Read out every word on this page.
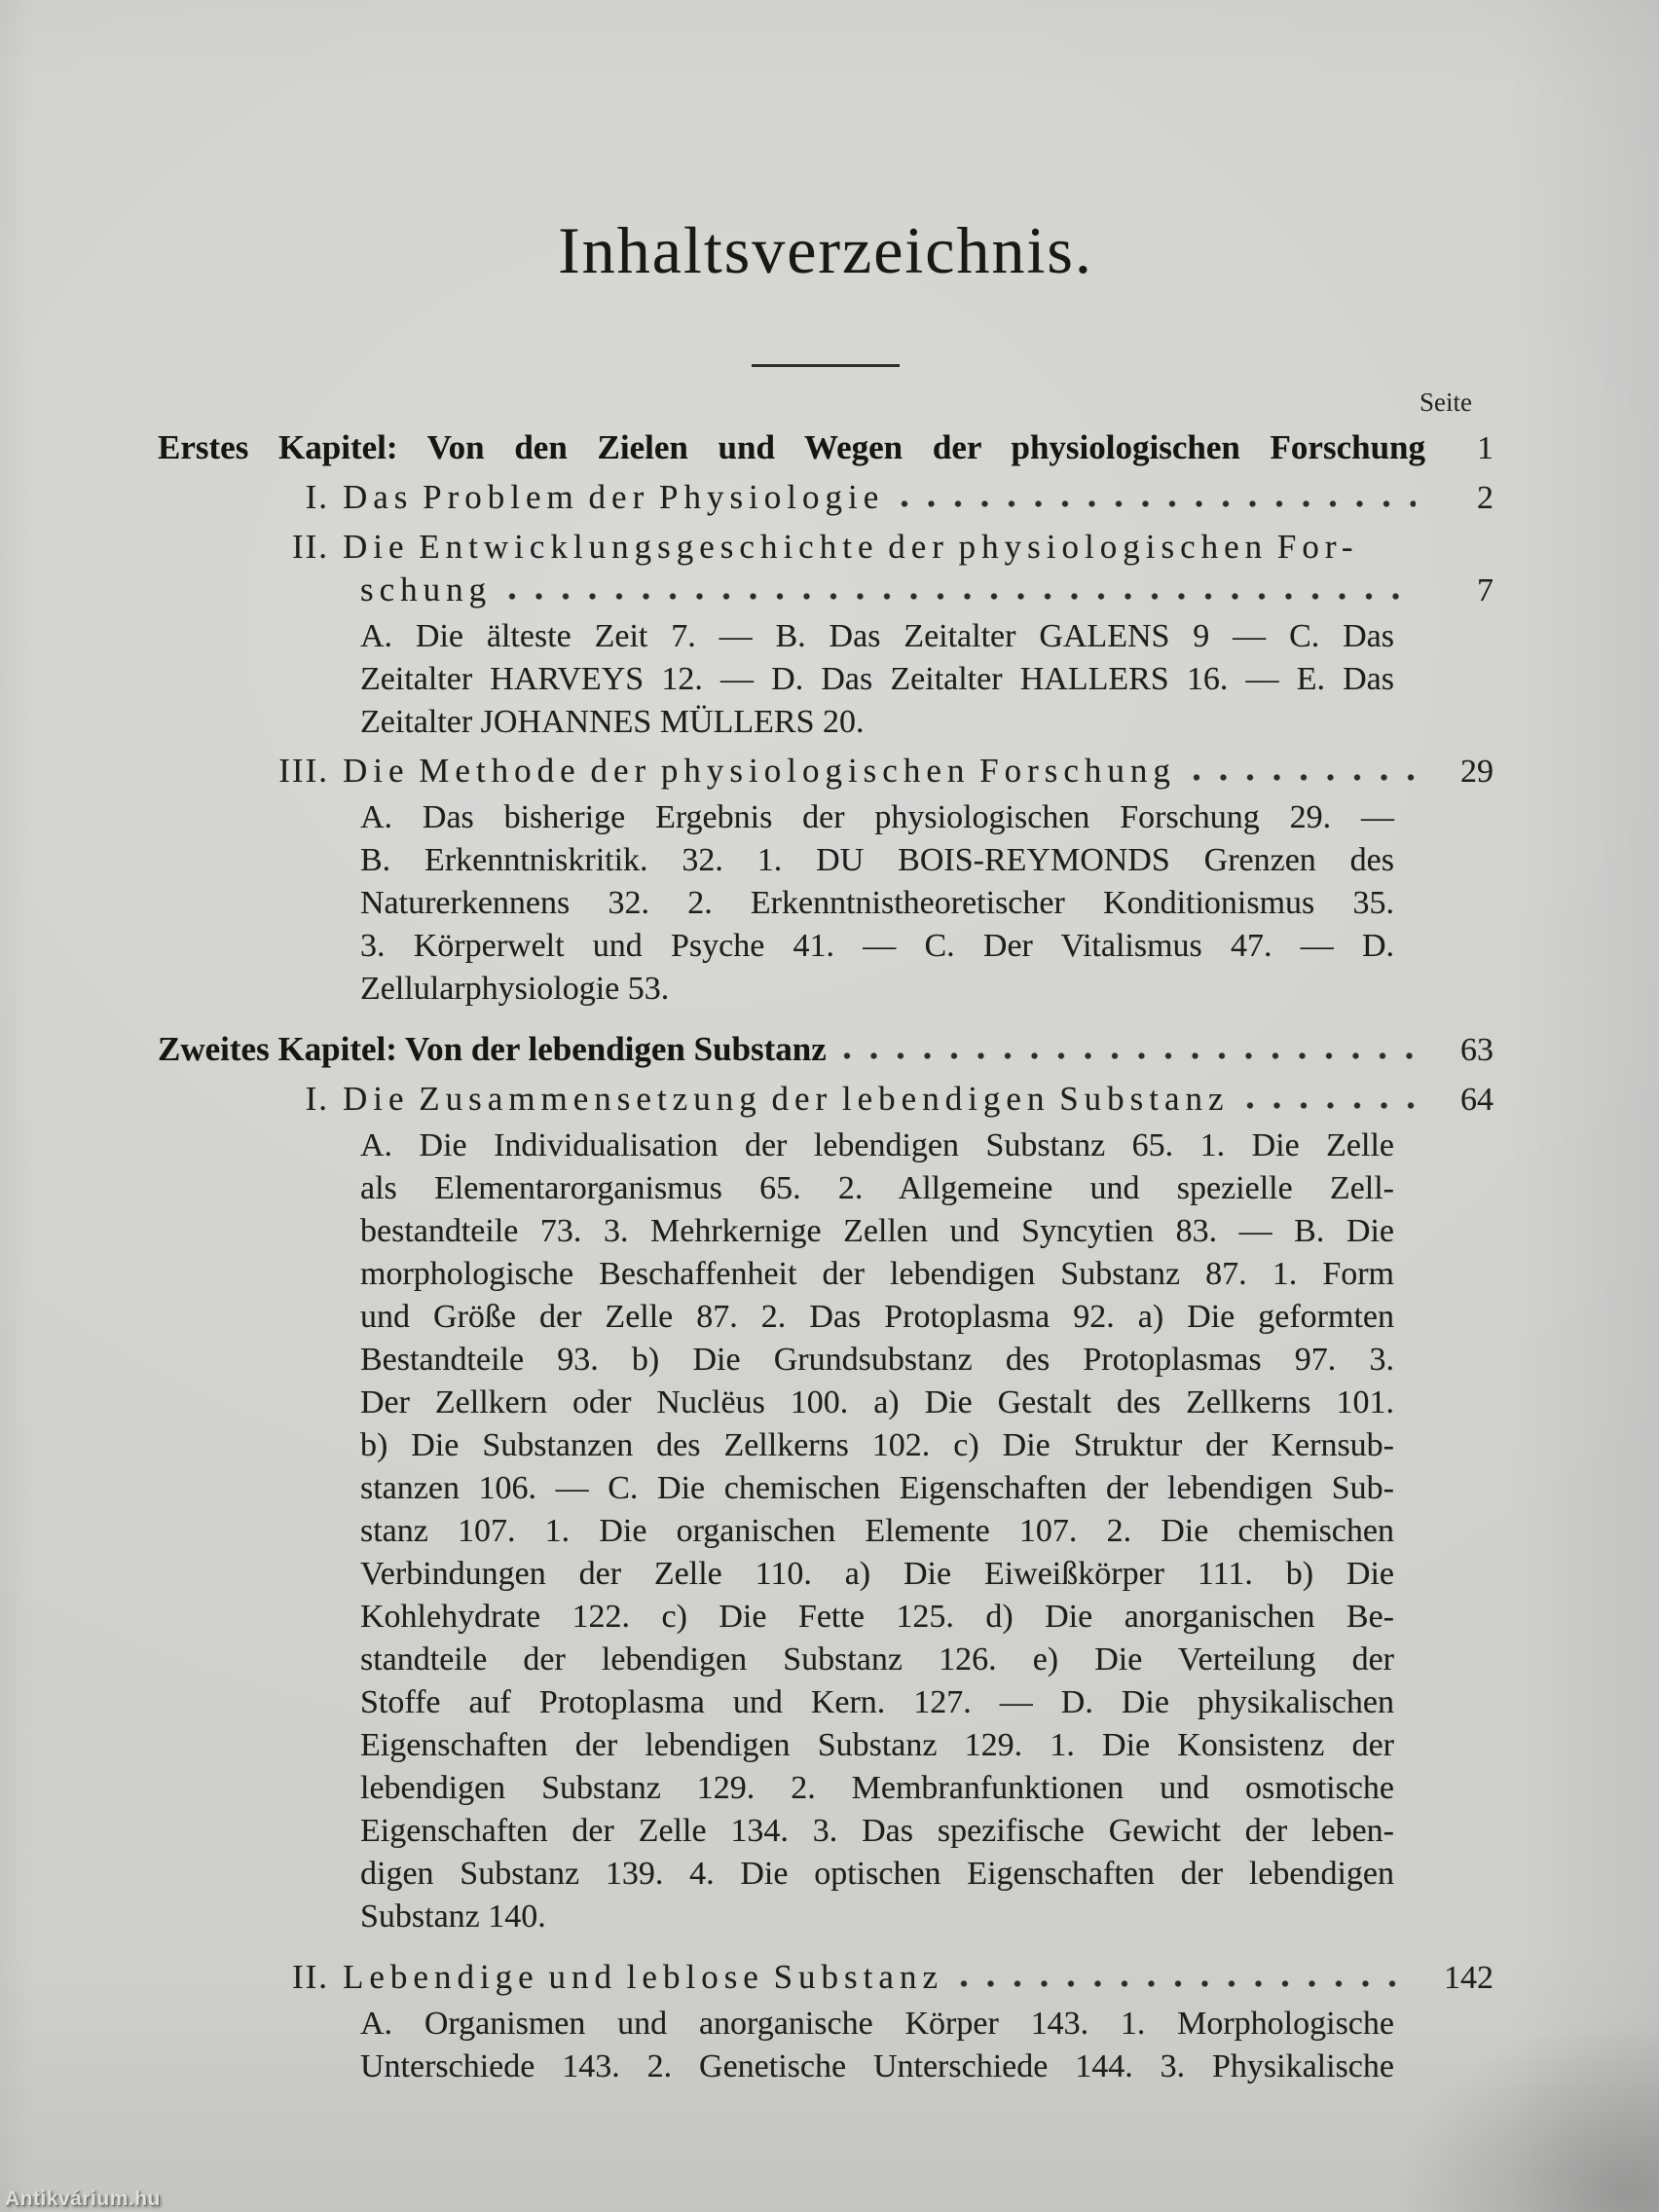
Inhaltsverzeichnis.
Seite
Erstes Kapitel: Von den Zielen und Wegen der physiologischen Forschung	1
I. Das Problem der Physiologie	2
II. Die Entwicklungsgeschichte der physiologischen For-
schung	7
A. Die älteste Zeit 7. — B. Das Zeitalter GALENS 9 — C. Das
Zeitalter HARVEYS 12. — D. Das Zeitalter HALLERS 16. — E. Das
Zeitalter JOHANNES MÜLLERS 20.
III. Die Methode der physiologischen Forschung	29
A. Das bisherige Ergebnis der physiologischen Forschung 29. —
B. Erkenntniskritik. 32. 1. DU BOIS-REYMONDS Grenzen des
Naturerkennens 32. 2. Erkenntnistheoretischer Konditionismus 35.
3. Körperwelt und Psyche 41. — C. Der Vitalismus 47. — D.
Zellularphysiologie 53.
Zweites Kapitel: Von der lebendigen Substanz	63
I. Die Zusammensetzung der lebendigen Substanz	64
A. Die Individualisation der lebendigen Substanz 65. 1. Die Zelle
als Elementarorganismus 65. 2. Allgemeine und spezielle Zell-
bestandteile 73. 3. Mehrkernige Zellen und Syncytien 83. — B. Die
morphologische Beschaffenheit der lebendigen Substanz 87. 1. Form
und Größe der Zelle 87. 2. Das Protoplasma 92. a) Die geformten
Bestandteile 93. b) Die Grundsubstanz des Protoplasmas 97. 3.
Der Zellkern oder Nuclëus 100. a) Die Gestalt des Zellkerns 101.
b) Die Substanzen des Zellkerns 102. c) Die Struktur der Kernsub-
stanzen 106. — C. Die chemischen Eigenschaften der lebendigen Sub-
stanz 107. 1. Die organischen Elemente 107. 2. Die chemischen
Verbindungen der Zelle 110. a) Die Eiweißkörper 111. b) Die
Kohlehydrate 122. c) Die Fette 125. d) Die anorganischen Be-
standteile der lebendigen Substanz 126. e) Die Verteilung der
Stoffe auf Protoplasma und Kern. 127. — D. Die physikalischen
Eigenschaften der lebendigen Substanz 129. 1. Die Konsistenz der
lebendigen Substanz 129. 2. Membranfunktionen und osmotische
Eigenschaften der Zelle 134. 3. Das spezifische Gewicht der leben-
digen Substanz 139. 4. Die optischen Eigenschaften der lebendigen
Substanz 140.
II. Lebendige und leblose Substanz	142
A. Organismen und anorganische Körper 143. 1. Morphologische
Unterschiede 143. 2. Genetische Unterschiede 144. 3. Physikalische
Antikvárium.hu
